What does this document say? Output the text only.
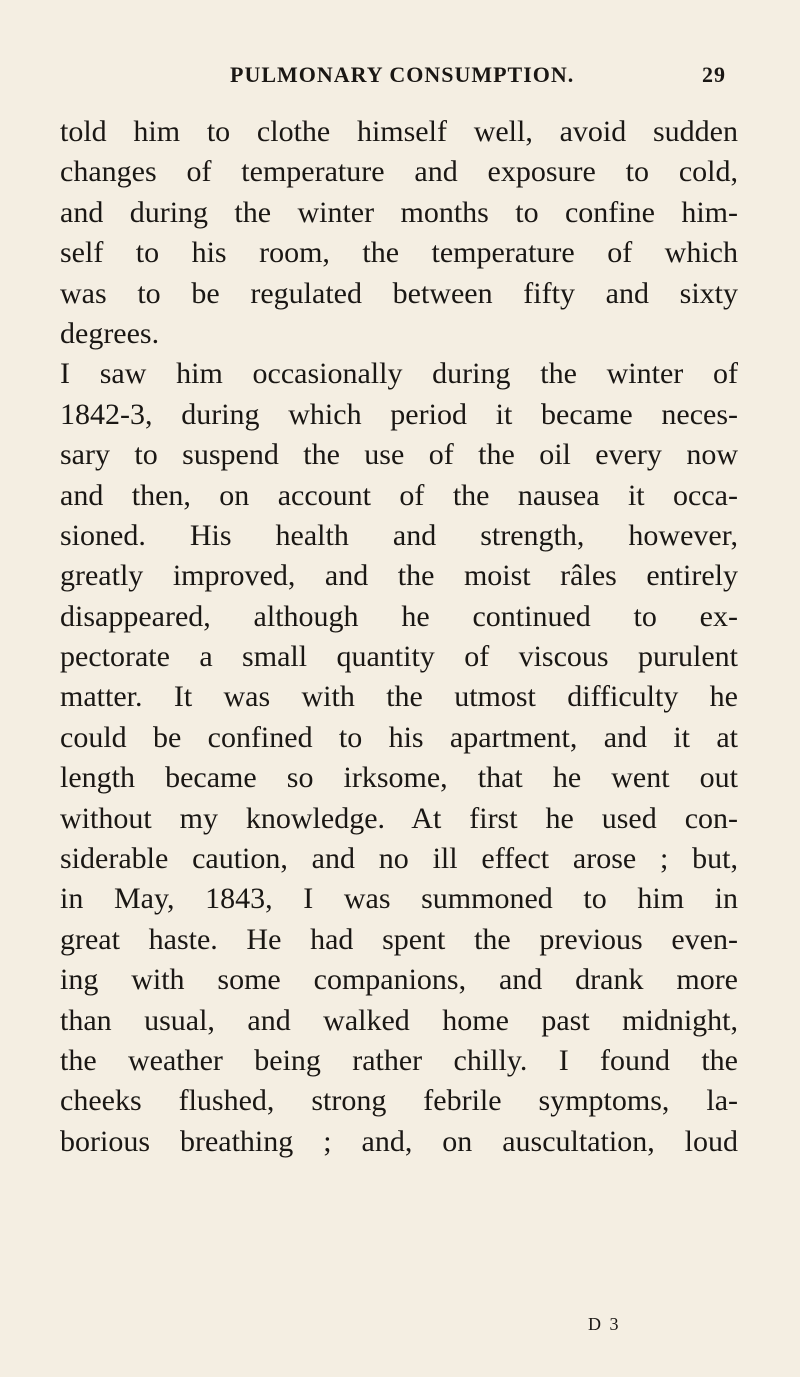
PULMONARY CONSUMPTION.	29
told him to clothe himself well, avoid sudden
changes of temperature and exposure to cold,
and during the winter months to confine him-
self to his room, the temperature of which
was to be regulated between fifty and sixty
degrees.
I saw him occasionally during the winter of
1842-3, during which period it became neces-
sary to suspend the use of the oil every now
and then, on account of the nausea it occa-
sioned. His health and strength, however,
greatly improved, and the moist râles entirely
disappeared, although he continued to ex-
pectorate a small quantity of viscous purulent
matter. It was with the utmost difficulty he
could be confined to his apartment, and it at
length became so irksome, that he went out
without my knowledge. At first he used con-
siderable caution, and no ill effect arose ; but,
in May, 1843, I was summoned to him in
great haste. He had spent the previous even-
ing with some companions, and drank more
than usual, and walked home past midnight,
the weather being rather chilly. I found the
cheeks flushed, strong febrile symptoms, la-
borious breathing ; and, on auscultation, loud
D 3
